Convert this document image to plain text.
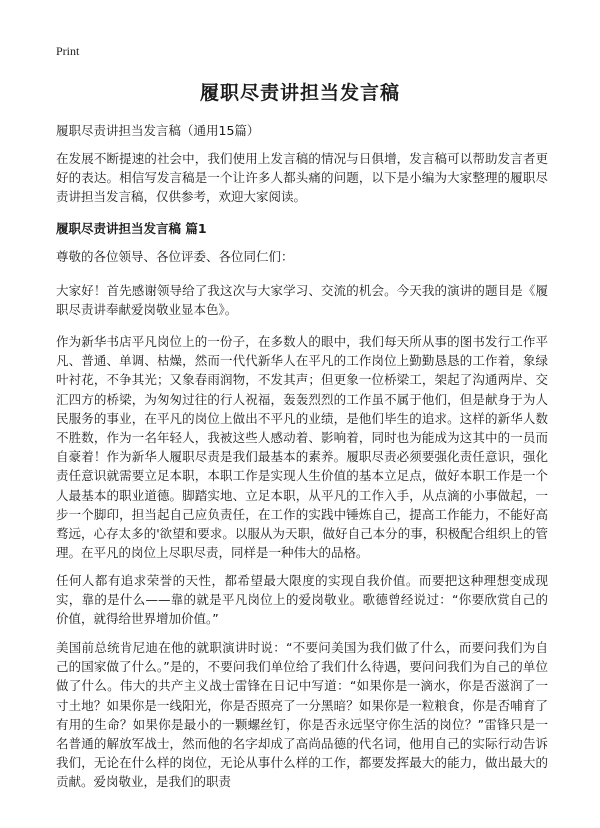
Print
履职尽责讲担当发言稿

履职尽责讲担当发言稿（通用15篇）

在发展不断提速的社会中，我们使用上发言稿的情况与日俱增，发言稿可以帮助发言者更好的表达。相信写发言稿是一个让许多人都头痛的问题，以下是小编为大家整理的履职尽责讲担当发言稿，仅供参考，欢迎大家阅读。

履职尽责讲担当发言稿 篇1

尊敬的各位领导、各位评委、各位同仁们：

大家好！首先感谢领导给了我这次与大家学习、交流的机会。今天我的演讲的题目是《履职尽责讲奉献爱岗敬业显本色》。

作为新华书店平凡岗位上的一份子，在多数人的眼中，我们每天所从事的图书发行工作平凡、普通、单调、枯燥，然而一代代新华人在平凡的工作岗位上勤勤恳恳的工作着，象绿叶衬花，不争其光；又象春雨润物，不发其声；但更象一位桥梁工，架起了沟通两岸、交汇四方的桥梁，为匆匆过往的行人祝福，轰轰烈烈的工作虽不属于他们，但是献身于为人民服务的事业，在平凡的岗位上做出不平凡的业绩，是他们毕生的追求。这样的新华人数不胜数，作为一名年轻人，我被这些人感动着、影响着，同时也为能成为这其中的一员而自豪着！作为新华人履职尽责是我们最基本的素养。履职尽责必须要强化责任意识，强化责任意识就需要立足本职，本职工作是实现人生价值的基本立足点，做好本职工作是一个人最基本的职业道德。脚踏实地、立足本职，从平凡的工作入手，从点滴的小事做起，一步一个脚印，担当起自己应负责任，在工作的实践中锤炼自己，提高工作能力，不能好高骛远，心存太多的'欲望和要求。以服从为天职，做好自己本分的事，积极配合组织上的管理。在平凡的岗位上尽职尽责，同样是一种伟大的品格。

任何人都有追求荣誉的天性，都希望最大限度的实现自我价值。而要把这种理想变成现实，靠的是什么——靠的就是平凡岗位上的爱岗敬业。歌德曾经说过：“你要欣赏自己的价值，就得给世界增加价值。”

美国前总统肯尼迪在他的就职演讲时说：“不要问美国为我们做了什么，而要问我们为自己的国家做了什么。”是的，不要问我们单位给了我们什么待遇，要问问我们为自己的单位做了什么。伟大的共产主义战士雷锋在日记中写道：“如果你是一滴水，你是否滋润了一寸土地？如果你是一线阳光，你是否照亮了一分黑暗？如果你是一粒粮食，你是否哺育了有用的生命？如果你是最小的一颗螺丝钉，你是否永远坚守你生活的岗位？”雷锋只是一名普通的解放军战士，然而他的名字却成了高尚品德的代名词，他用自己的实际行动告诉我们，无论在什么样的岗位，无论从事什么样的工作，都要发挥最大的能力，做出最大的贡献。爱岗敬业，是我们的职责
